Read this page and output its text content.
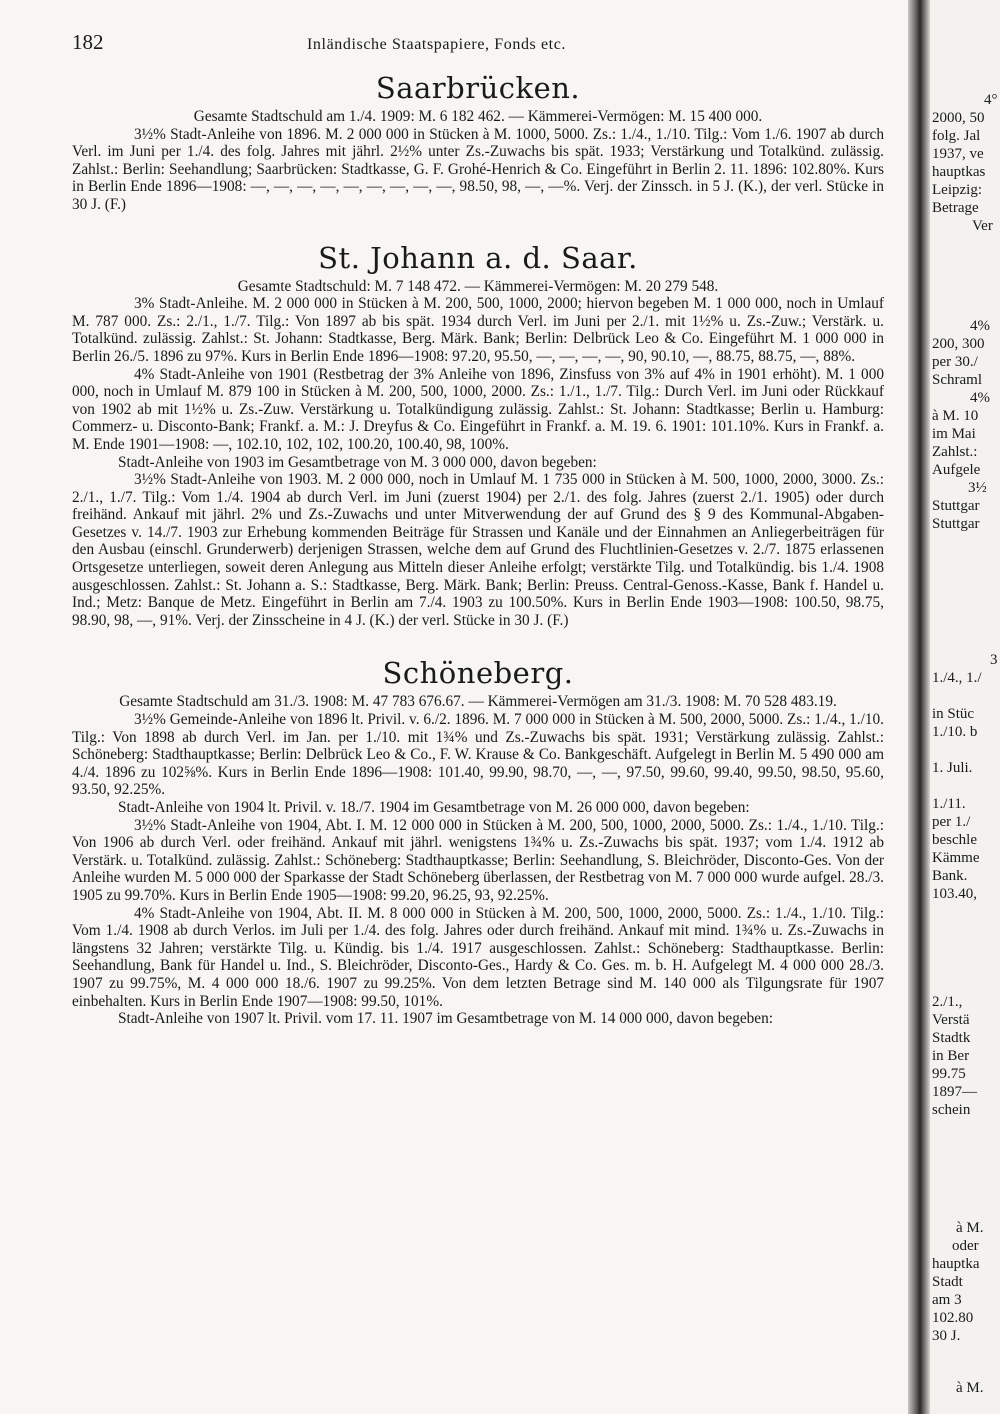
182	Inländische Staatspapiere, Fonds etc.
Saarbrücken.

Gesamte Stadtschuld am 1./4. 1909: M. 6 182 462. — Kämmerei-Vermögen: M. 15 400 000.

3½% Stadt-Anleihe von 1896. M. 2 000 000 in Stücken à M. 1000, 5000. Zs.: 1./4., 1./10. Tilg.: Vom 1./6. 1907 ab durch Verl. im Juni per 1./4. des folg. Jahres mit jährl. 2½% unter Zs.-Zuwachs bis spät. 1933; Verstärkung und Totalkünd. zulässig. Zahlst.: Berlin: Seehandlung; Saarbrücken: Stadtkasse, G. F. Grohé-Henrich & Co. Eingeführt in Berlin 2. 11. 1896: 102.80%. Kurs in Berlin Ende 1896—1908: —, —, —, —, —, —, —, —, —, 98.50, 98, —, —%. Verj. der Zinssch. in 5 J. (K.), der verl. Stücke in 30 J. (F.)

St. Johann a. d. Saar.

Gesamte Stadtschuld: M. 7 148 472. — Kämmerei-Vermögen: M. 20 279 548.

3% Stadt-Anleihe. M. 2 000 000 in Stücken à M. 200, 500, 1000, 2000; hiervon begeben M. 1 000 000, noch in Umlauf M. 787 000. Zs.: 2./1., 1./7. Tilg.: Von 1897 ab bis spät. 1934 durch Verl. im Juni per 2./1. mit 1½% u. Zs.-Zuw.; Verstärk. u. Totalkünd. zulässig. Zahlst.: St. Johann: Stadtkasse, Berg. Märk. Bank; Berlin: Delbrück Leo & Co. Eingeführt M. 1 000 000 in Berlin 26./5. 1896 zu 97%. Kurs in Berlin Ende 1896—1908: 97.20, 95.50, —, —, —, —, 90, 90.10, —, 88.75, 88.75, —, 88%.

4% Stadt-Anleihe von 1901 (Restbetrag der 3% Anleihe von 1896, Zinsfuss von 3% auf 4% in 1901 erhöht). M. 1 000 000, noch in Umlauf M. 879 100 in Stücken à M. 200, 500, 1000, 2000. Zs.: 1./1., 1./7. Tilg.: Durch Verl. im Juni oder Rückkauf von 1902 ab mit 1½% u. Zs.-Zuw. Verstärkung u. Totalkündigung zulässig. Zahlst.: St. Johann: Stadtkasse; Berlin u. Hamburg: Commerz- u. Disconto-Bank; Frankf. a. M.: J. Dreyfus & Co. Eingeführt in Frankf. a. M. 19. 6. 1901: 101.10%. Kurs in Frankf. a. M. Ende 1901—1908: —, 102.10, 102, 102, 100.20, 100.40, 98, 100%.

Stadt-Anleihe von 1903 im Gesamtbetrage von M. 3 000 000, davon begeben:

3½% Stadt-Anleihe von 1903. M. 2 000 000, noch in Umlauf M. 1 735 000 in Stücken à M. 500, 1000, 2000, 3000. Zs.: 2./1., 1./7. Tilg.: Vom 1./4. 1904 ab durch Verl. im Juni (zuerst 1904) per 2./1. des folg. Jahres (zuerst 2./1. 1905) oder durch freihänd. Ankauf mit jährl. 2% und Zs.-Zuwachs und unter Mitverwendung der auf Grund des § 9 des Kommunal-Abgaben-Gesetzes v. 14./7. 1903 zur Erhebung kommenden Beiträge für Strassen und Kanäle und der Einnahmen an Anliegerbeiträgen für den Ausbau (einschl. Grunderwerb) derjenigen Strassen, welche dem auf Grund des Fluchtlinien-Gesetzes v. 2./7. 1875 erlassenen Ortsgesetze unterliegen, soweit deren Anlegung aus Mitteln dieser Anleihe erfolgt; verstärkte Tilg. und Totalkündig. bis 1./4. 1908 ausgeschlossen. Zahlst.: St. Johann a. S.: Stadtkasse, Berg. Märk. Bank; Berlin: Preuss. Central-Genoss.-Kasse, Bank f. Handel u. Ind.; Metz: Banque de Metz. Eingeführt in Berlin am 7./4. 1903 zu 100.50%. Kurs in Berlin Ende 1903—1908: 100.50, 98.75, 98.90, 98, —, 91%. Verj. der Zinsscheine in 4 J. (K.) der verl. Stücke in 30 J. (F.)

Schöneberg.

Gesamte Stadtschuld am 31./3. 1908: M. 47 783 676.67. — Kämmerei-Vermögen am 31./3. 1908: M. 70 528 483.19.

3½% Gemeinde-Anleihe von 1896 lt. Privil. v. 6./2. 1896. M. 7 000 000 in Stücken à M. 500, 2000, 5000. Zs.: 1./4., 1./10. Tilg.: Von 1898 ab durch Verl. im Jan. per 1./10. mit 1¾% und Zs.-Zuwachs bis spät. 1931; Verstärkung zulässig. Zahlst.: Schöneberg: Stadthauptkasse; Berlin: Delbrück Leo & Co., F. W. Krause & Co. Bankgeschäft. Aufgelegt in Berlin M. 5 490 000 am 4./4. 1896 zu 102⅝%. Kurs in Berlin Ende 1896—1908: 101.40, 99.90, 98.70, —, —, 97.50, 99.60, 99.40, 99.50, 98.50, 95.60, 93.50, 92.25%.

Stadt-Anleihe von 1904 lt. Privil. v. 18./7. 1904 im Gesamtbetrage von M. 26 000 000, davon begeben:

3½% Stadt-Anleihe von 1904, Abt. I. M. 12 000 000 in Stücken à M. 200, 500, 1000, 2000, 5000. Zs.: 1./4., 1./10. Tilg.: Von 1906 ab durch Verl. oder freihänd. Ankauf mit jährl. wenigstens 1¾% u. Zs.-Zuwachs bis spät. 1937; vom 1./4. 1912 ab Verstärk. u. Totalkünd. zulässig. Zahlst.: Schöneberg: Stadthauptkasse; Berlin: Seehandlung, S. Bleichröder, Disconto-Ges. Von der Anleihe wurden M. 5 000 000 der Sparkasse der Stadt Schöneberg überlassen, der Restbetrag von M. 7 000 000 wurde aufgel. 28./3. 1905 zu 99.70%. Kurs in Berlin Ende 1905—1908: 99.20, 96.25, 93, 92.25%.

4% Stadt-Anleihe von 1904, Abt. II. M. 8 000 000 in Stücken à M. 200, 500, 1000, 2000, 5000. Zs.: 1./4., 1./10. Tilg.: Vom 1./4. 1908 ab durch Verlos. im Juli per 1./4. des folg. Jahres oder durch freihänd. Ankauf mit mind. 1¾% u. Zs.-Zuwachs in längstens 32 Jahren; verstärkte Tilg. u. Kündig. bis 1./4. 1917 ausgeschlossen. Zahlst.: Schöneberg: Stadthauptkasse. Berlin: Seehandlung, Bank für Handel u. Ind., S. Bleichröder, Disconto-Ges., Hardy & Co. Ges. m. b. H. Aufgelegt M. 4 000 000 28./3. 1907 zu 99.75%, M. 4 000 000 18./6. 1907 zu 99.25%. Von dem letzten Betrage sind M. 140 000 als Tilgungsrate für 1907 einbehalten. Kurs in Berlin Ende 1907—1908: 99.50, 101%.

Stadt-Anleihe von 1907 lt. Privil. vom 17. 11. 1907 im Gesamtbetrage von M. 14 000 000, davon begeben:

4°
2000, 50
folg. Jal
1937, ve
hauptkas
Leipzig:
Betrage
Ver
4%
200, 300
per 30./
Schraml
4%
à M. 10
im Mai
Zahlst.:
Aufgele
3½
Stuttgar
Stuttgar
3
1./4., 1./
in Stüc
1./10. b
1. Juli.
1./11.
per 1./
beschle
Kämme
Bank.
103.40,
2./1.,
Verstä
Stadtk
in Ber
99.75
1897—
schein
à M.
oder
hauptka
Stadt
am 3
102.80
30 J.
à M.
